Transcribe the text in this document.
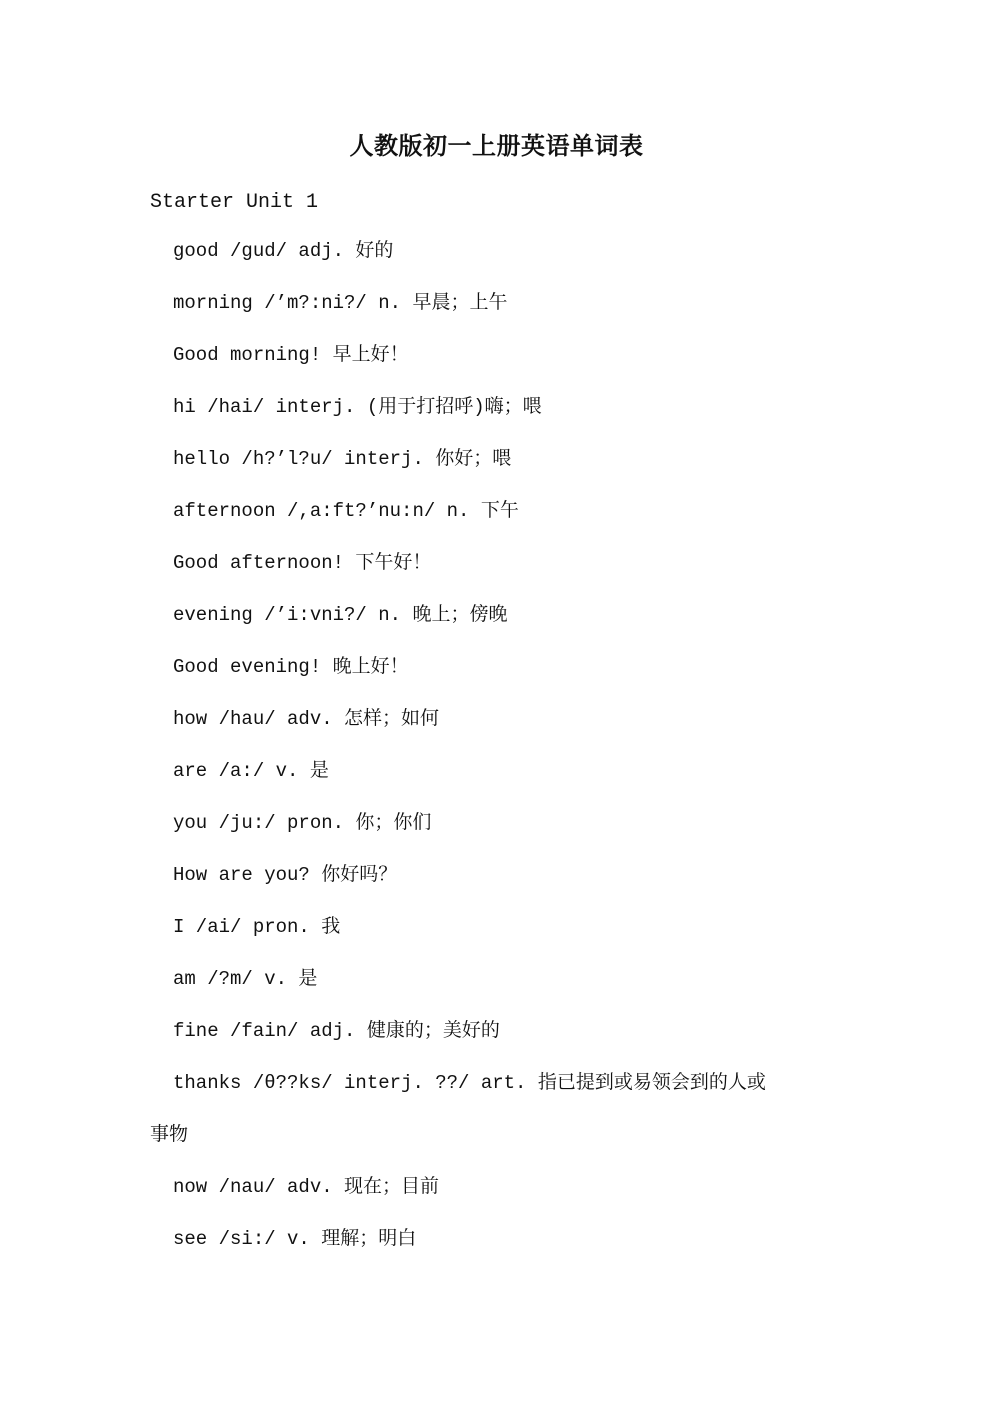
人教版初一上册英语单词表
Starter Unit 1
good /gud/ adj. 好的
morning /’m?:ni?/ n. 早晨；上午
Good morning! 早上好！
hi /hai/ interj. (用于打招呼)嗨；喂
hello /h?’l?u/ interj. 你好；喂
afternoon /,a:ft?’nu:n/ n. 下午
Good afternoon! 下午好！
evening /’i:vni?/ n. 晚上；傍晚
Good evening! 晚上好！
how /hau/ adv. 怎样；如何
are /a:/ v. 是
you /ju:/ pron. 你；你们
How are you? 你好吗？
I /ai/ pron. 我
am /?m/ v. 是
fine /fain/ adj. 健康的；美好的
thanks /θ??ks/ interj. ??/ art. 指已提到或易领会到的人或
事物
now /nau/ adv. 现在；目前
see /si:/ v. 理解；明白
